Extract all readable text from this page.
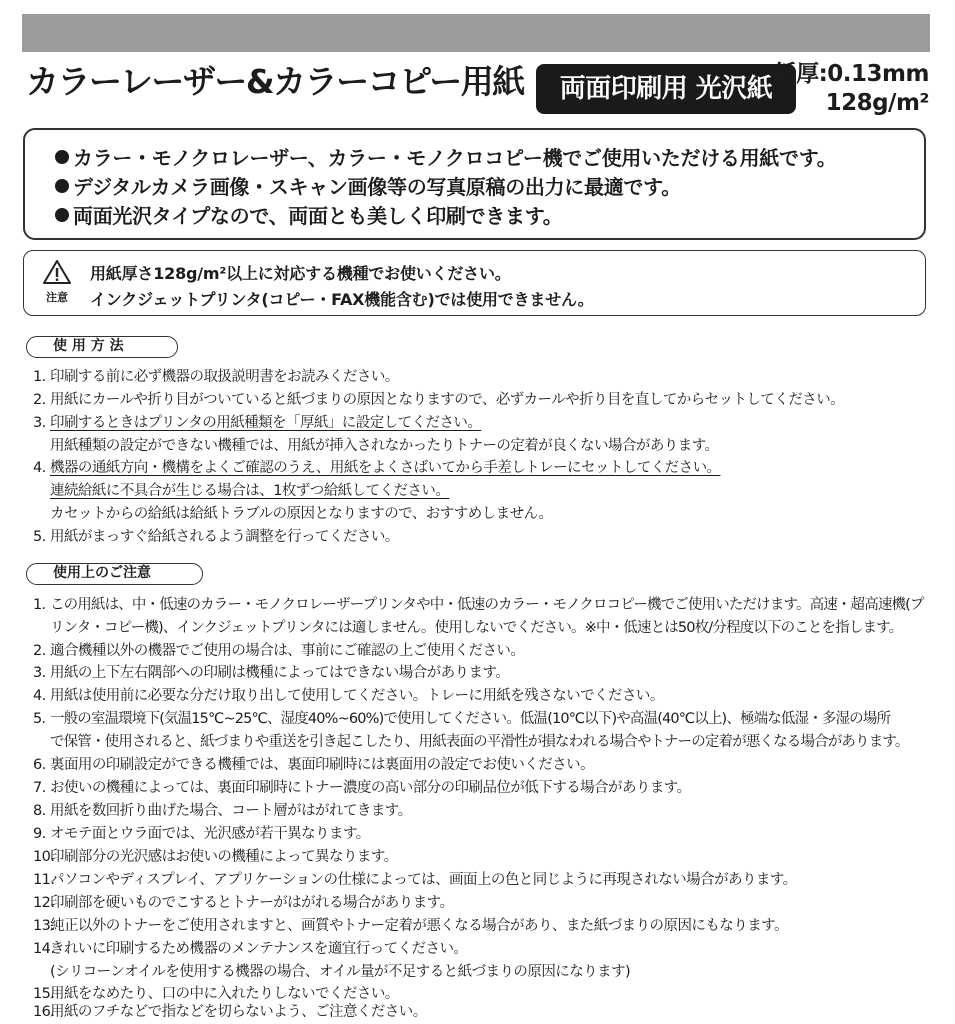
カラーレーザー&カラーコピー用紙	両面印刷用 光沢紙 紙厚:0.13mm
128g/m²
カラー・モノクロレーザー、カラー・モノクロコピー機でご使用いただける用紙です。
デジタルカメラ画像・スキャン画像等の写真原稿の出力に最適です。
両面光沢タイプなので、両面とも美しく印刷できます。
注意
用紙厚さ128g/m²以上に対応する機種でお使いください。
インクジェットプリンタ(コピー・FAX機能含む)では使用できません。
使 用 方 法
1. 印刷する前に必ず機器の取扱説明書をお読みください。
2. 用紙にカールや折り目がついていると紙づまりの原因となりますので、必ずカールや折り目を直してからセットしてください。
3. 印刷するときはプリンタの用紙種類を「厚紙」に設定してください。
用紙種類の設定ができない機種では、用紙が挿入されなかったりトナーの定着が良くない場合があります。
4. 機器の通紙方向・機構をよくご確認のうえ、用紙をよくさばいてから手差しトレーにセットしてください。
連続給紙に不具合が生じる場合は、1枚ずつ給紙してください。
カセットからの給紙は給紙トラブルの原因となりますので、おすすめしません。
5. 用紙がまっすぐ給紙されるよう調整を行ってください。
使用上のご注意
1. この用紙は、中・低速のカラー・モノクロレーザープリンタや中・低速のカラー・モノクロコピー機でご使用いただけます。高速・超高速機(プ
リンタ・コピー機)、インクジェットプリンタには適しません。使用しないでください。※中・低速とは50枚/分程度以下のことを指します。
2. 適合機種以外の機器でご使用の場合は、事前にご確認の上ご使用ください。
3. 用紙の上下左右隅部への印刷は機種によってはできない場合があります。
4. 用紙は使用前に必要な分だけ取り出して使用してください。トレーに用紙を残さないでください。
5. 一般の室温環境下(気温15℃~25℃、湿度40%~60%)で使用してください。低温(10℃以下)や高温(40℃以上)、極端な低湿・多湿の場所
で保管・使用されると、紙づまりや重送を引き起こしたり、用紙表面の平滑性が損なわれる場合やトナーの定着が悪くなる場合があります。
6. 裏面用の印刷設定ができる機種では、裏面印刷時には裏面用の設定でお使いください。
7. お使いの機種によっては、裏面印刷時にトナー濃度の高い部分の印刷品位が低下する場合があります。
8. 用紙を数回折り曲げた場合、コート層がはがれてきます。
9. オモテ面とウラ面では、光沢感が若干異なります。
10.印刷部分の光沢感はお使いの機種によって異なります。
11.パソコンやディスプレイ、アプリケーションの仕様によっては、画面上の色と同じように再現されない場合があります。
12.印刷部を硬いものでこするとトナーがはがれる場合があります。
13.純正以外のトナーをご使用されますと、画質やトナー定着が悪くなる場合があり、また紙づまりの原因にもなります。
14.きれいに印刷するため機器のメンテナンスを適宜行ってください。
(シリコーンオイルを使用する機器の場合、オイル量が不足すると紙づまりの原因になります)
15.用紙をなめたり、口の中に入れたりしないでください。
16.用紙のフチなどで指などを切らないよう、ご注意ください。
